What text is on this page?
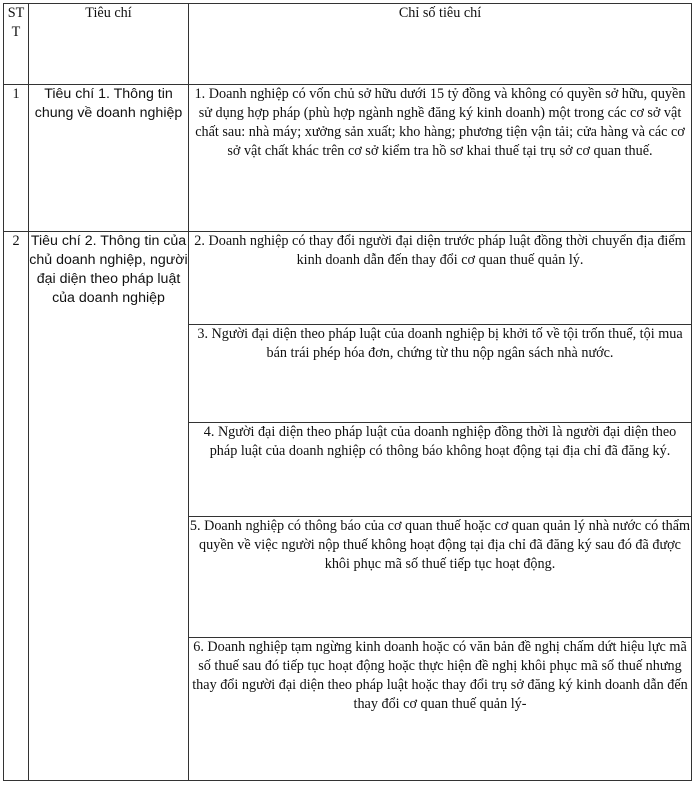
ST T	Tiêu chí	Chỉ số tiêu chí
1	Tiêu chí 1. Thông tin chung về doanh nghiệp	1. Doanh nghiệp có vốn chủ sở hữu dưới 15 tỷ đồng và không có quyền sở hữu, quyền sử dụng hợp pháp (phù hợp ngành nghề đăng ký kinh doanh) một trong các cơ sở vật chất sau: nhà máy; xưởng sản xuất; kho hàng; phương tiện vận tải; cửa hàng và các cơ sở vật chất khác trên cơ sở kiểm tra hồ sơ khai thuế tại trụ sở cơ quan thuế.
2	Tiêu chí 2. Thông tin của chủ doanh nghiệp, người đại diện theo pháp luật của doanh nghiệp	2. Doanh nghiệp có thay đổi người đại diện trước pháp luật đồng thời chuyển địa điểm kinh doanh dẫn đến thay đổi cơ quan thuế quản lý.
		3. Người đại diện theo pháp luật của doanh nghiệp bị khởi tố về tội trốn thuế, tội mua bán trái phép hóa đơn, chứng từ thu nộp ngân sách nhà nước.
		4. Người đại diện theo pháp luật của doanh nghiệp đồng thời là người đại diện theo pháp luật của doanh nghiệp có thông báo không hoạt động tại địa chỉ đã đăng ký.
		5. Doanh nghiệp có thông báo của cơ quan thuế hoặc cơ quan quản lý nhà nước có thẩm quyền về việc người nộp thuế không hoạt động tại địa chỉ đã đăng ký sau đó đã được khôi phục mã số thuế tiếp tục hoạt động.
		6. Doanh nghiệp tạm ngừng kinh doanh hoặc có văn bản đề nghị chấm dứt hiệu lực mã số thuế sau đó tiếp tục hoạt động hoặc thực hiện đề nghị khôi phục mã số thuế nhưng thay đổi người đại diện theo pháp luật hoặc thay đổi trụ sở đăng ký kinh doanh dẫn đến thay đổi cơ quan thuế quản lý-
